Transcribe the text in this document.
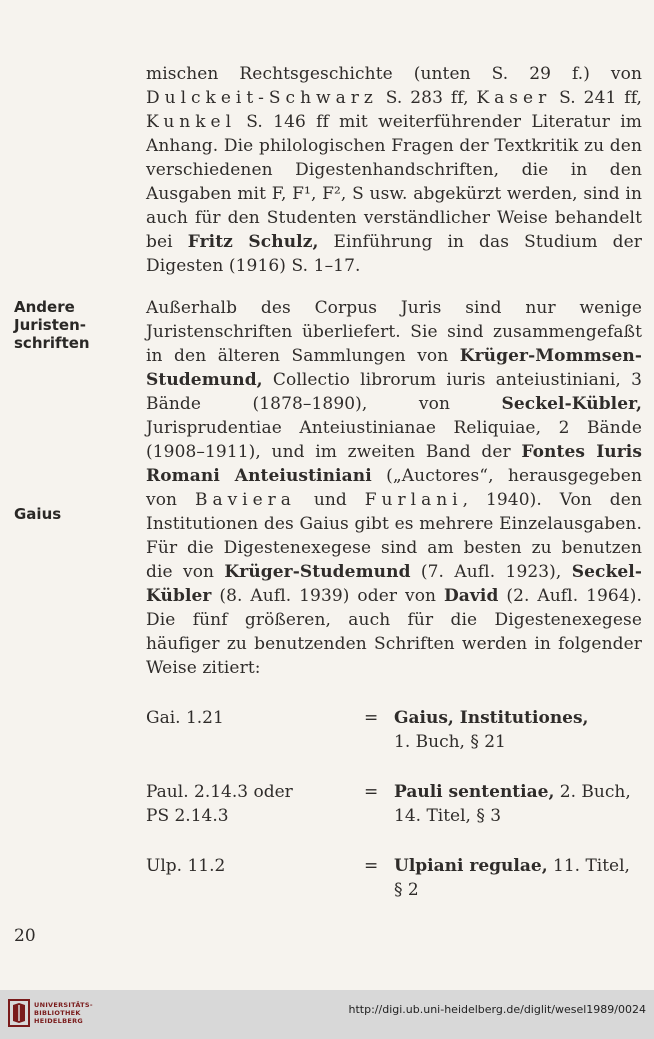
mischen Rechtsgeschichte (unten S. 29 f.) von Dulckeit-Schwarz S. 283 ff, Kaser S. 241 ff, Kunkel S. 146 ff mit weiterführender Literatur im Anhang. Die philologischen Fragen der Textkritik zu den verschiedenen Digestenhandschriften, die in den Ausgaben mit F, F¹, F², S usw. abgekürzt werden, sind in auch für den Studenten verständlicher Weise behandelt bei Fritz Schulz, Einführung in das Studium der Digesten (1916) S. 1–17.

Außerhalb des Corpus Juris sind nur wenige Juristenschriften überliefert. Sie sind zusammengefaßt in den älteren Sammlungen von Krüger-Mommsen-Studemund, Collectio librorum iuris anteiustiniani, 3 Bände (1878–1890), von Seckel-Kübler, Jurisprudentiae Anteiustinianae Reliquiae, 2 Bände (1908–1911), und im zweiten Band der Fontes Iuris Romani Anteiustiniani („Auctores“, herausgegeben von Baviera und Furlani, 1940). Von den Institutionen des Gaius gibt es mehrere Einzelausgaben. Für die Digestenexegese sind am besten zu benutzen die von Krüger-Studemund (7. Aufl. 1923), Seckel-Kübler (8. Aufl. 1939) oder von David (2. Aufl. 1964). Die fünf größeren, auch für die Digestenexegese häufiger zu benutzenden Schriften werden in folgender Weise zitiert:

Andere
Juristen-
schriften
Gaius
Gai. 1.21	= Gaius, Institutiones,
1. Buch, § 21
Paul. 2.14.3 oder
PS 2.14.3
= Pauli sententiae, 2. Buch,
14. Titel, § 3
Ulp. 11.2	= Ulpiani regulae, 11. Titel,
§ 2
20
UNIVERSITÄTS-
BIBLIOTHEK
HEIDELBERG
http://digi.ub.uni-heidelberg.de/diglit/wesel1989/0024
